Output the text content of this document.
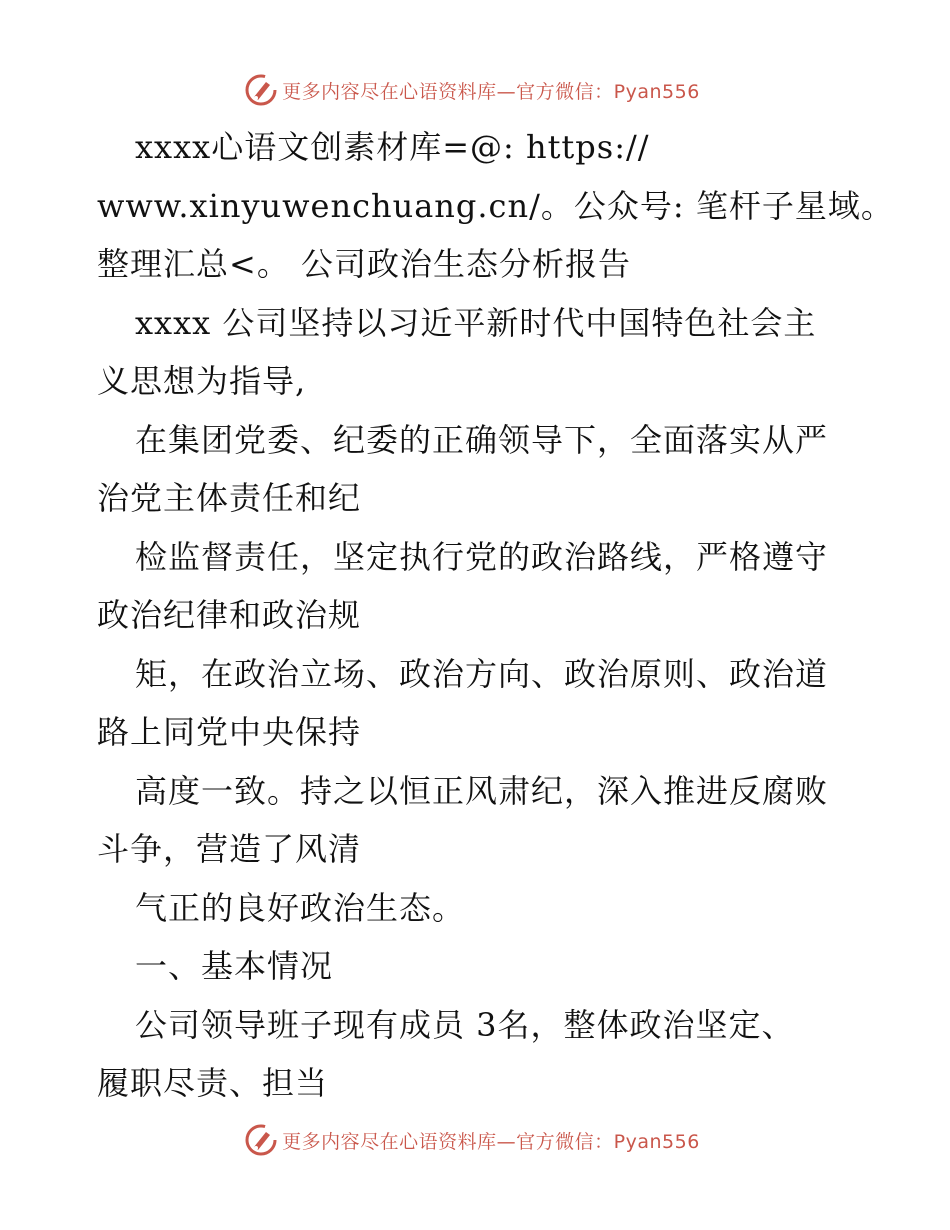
更多内容尽在心语资料库—官方微信：Pyan556
xxxx心语文创素材库=@: https://
www.xinyuwenchuang.cn/。公众号: 笔杆子星域。
整理汇总<。 公司政治生态分析报告
xxxx 公司坚持以习近平新时代中国特色社会主
义思想为指导,
在集团党委、纪委的正确领导下，全面落实从严
治党主体责任和纪
检监督责任，坚定执行党的政治路线，严格遵守
政治纪律和政治规
矩，在政治立场、政治方向、政治原则、政治道
路上同党中央保持
高度一致。持之以恒正风肃纪，深入推进反腐败
斗争，营造了风清
气正的良好政治生态。
一、基本情况
公司领导班子现有成员 3名，整体政治坚定、
履职尽责、担当
更多内容尽在心语资料库—官方微信：Pyan556
